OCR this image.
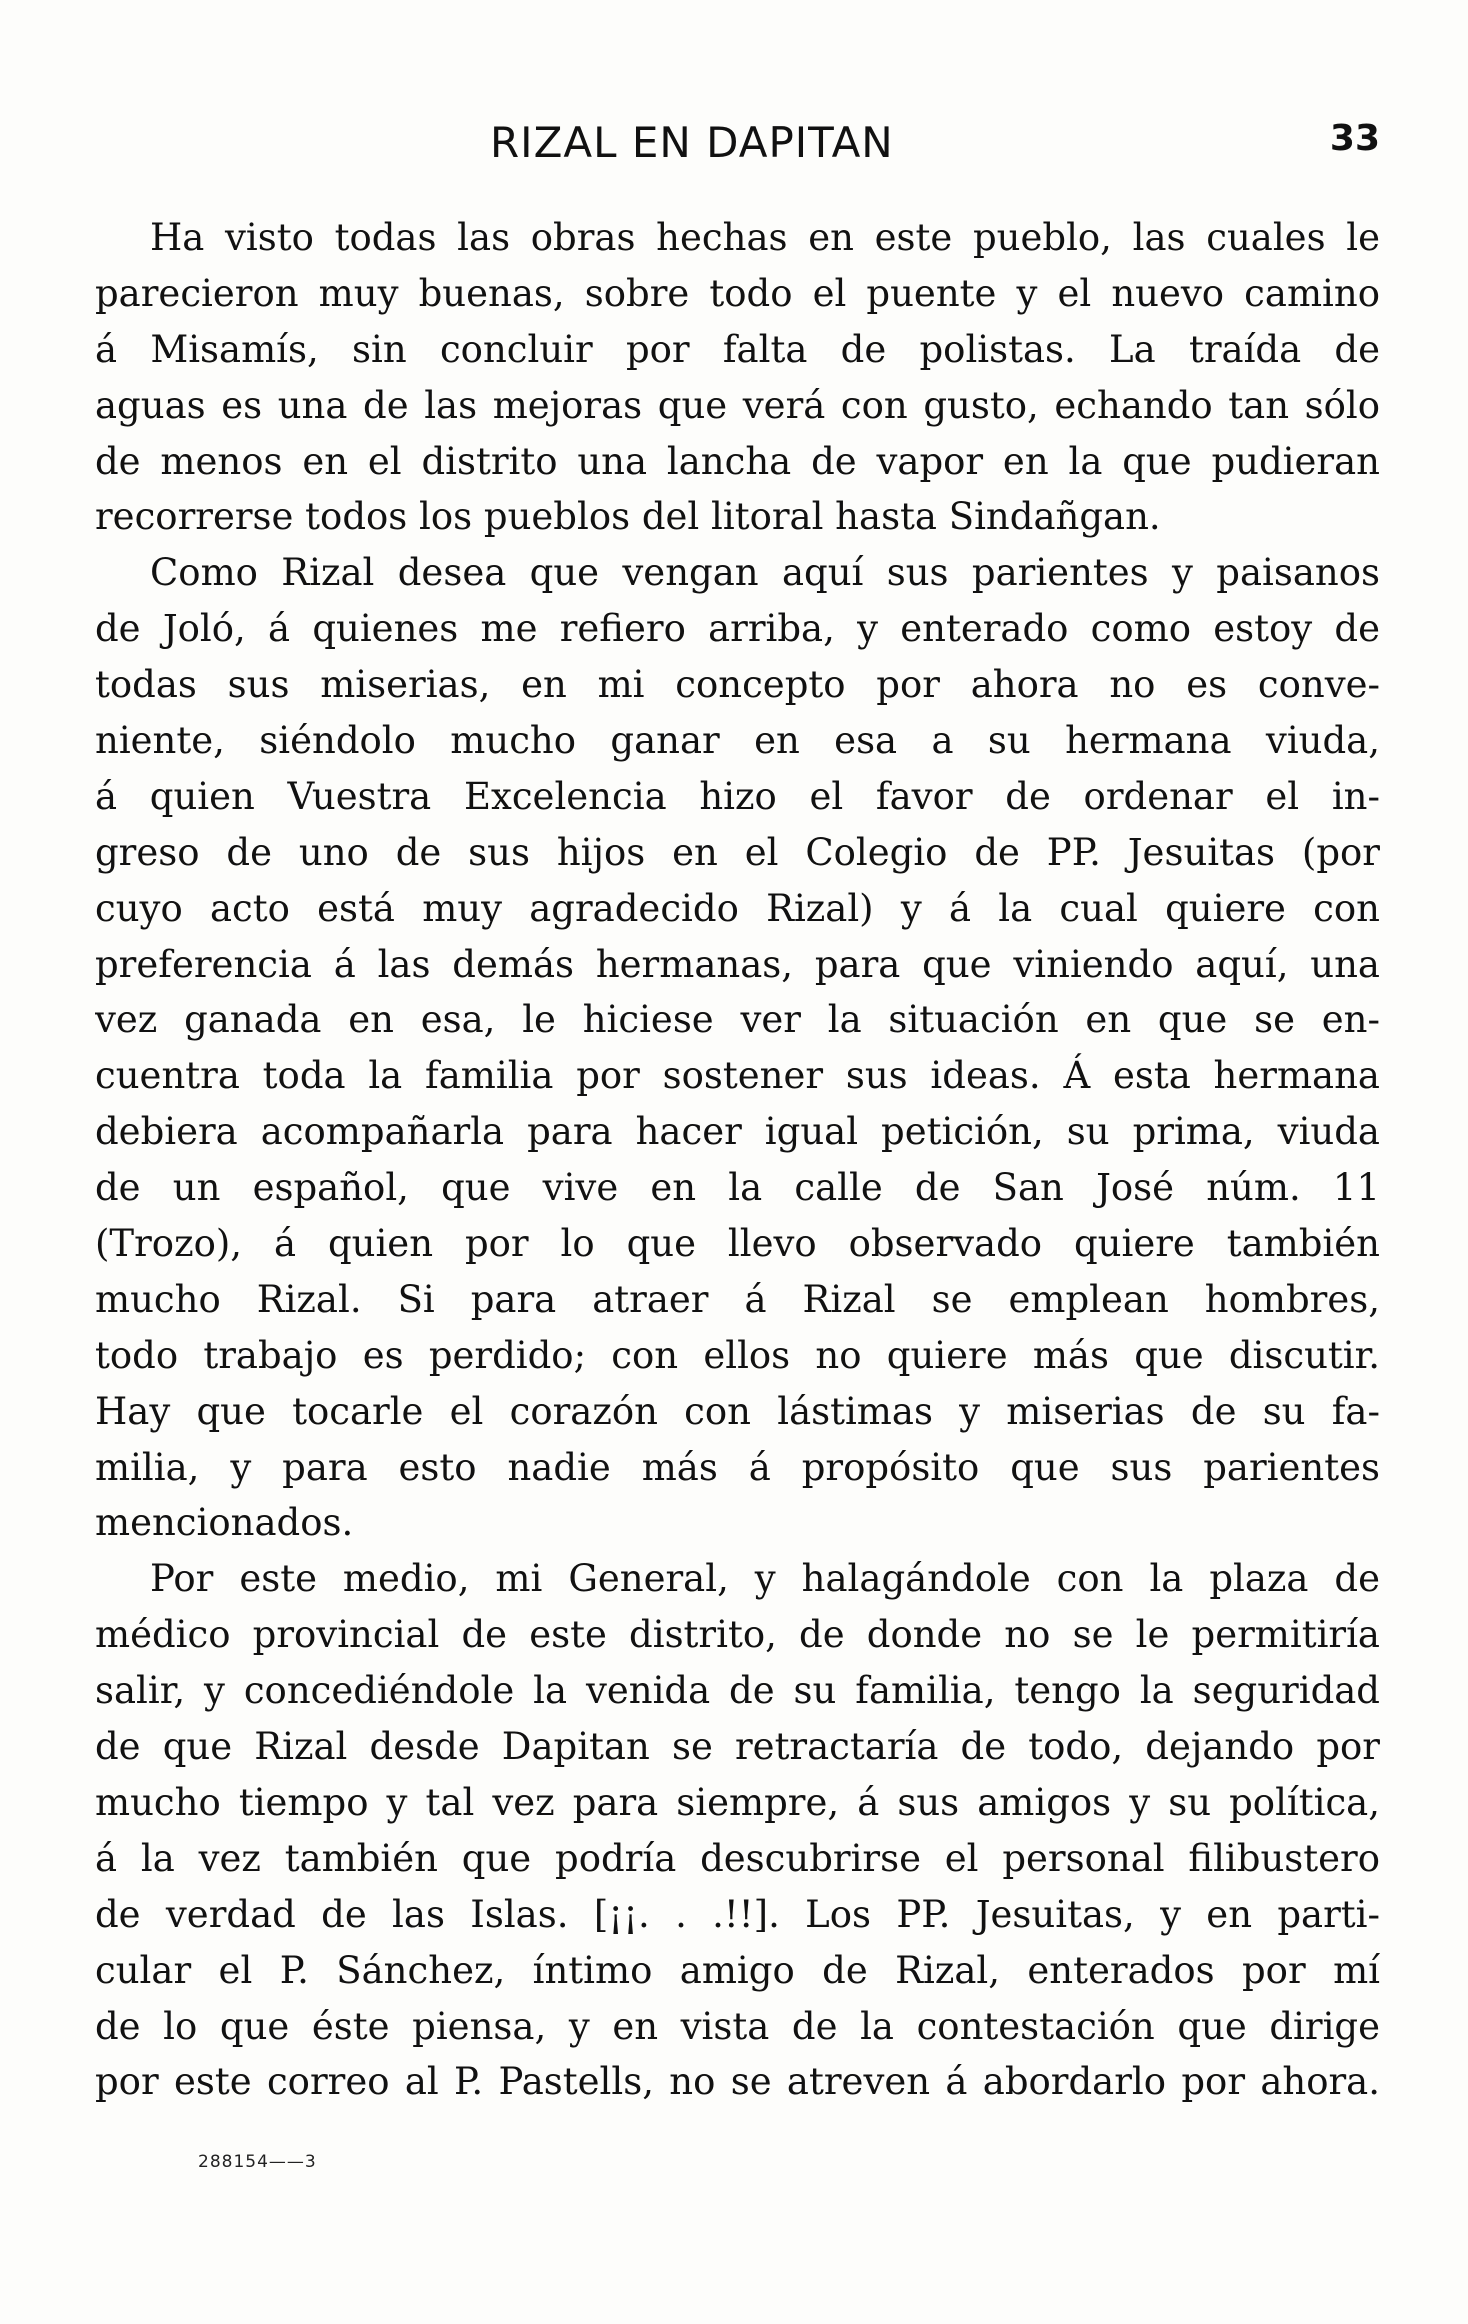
RIZAL EN DAPITAN	33
Ha visto todas las obras hechas en este pueblo, las cuales le
parecieron muy buenas, sobre todo el puente y el nuevo camino
á Misamís, sin concluir por falta de polistas. La traída de
aguas es una de las mejoras que verá con gusto, echando tan sólo
de menos en el distrito una lancha de vapor en la que pudieran
recorrerse todos los pueblos del litoral hasta Sindañgan.
Como Rizal desea que vengan aquí sus parientes y paisanos
de Joló, á quienes me refiero arriba, y enterado como estoy de
todas sus miserias, en mi concepto por ahora no es conve-
niente, siéndolo mucho ganar en esa a su hermana viuda,
á quien Vuestra Excelencia hizo el favor de ordenar el in-
greso de uno de sus hijos en el Colegio de PP. Jesuitas (por
cuyo acto está muy agradecido Rizal) y á la cual quiere con
preferencia á las demás hermanas, para que viniendo aquí, una
vez ganada en esa, le hiciese ver la situación en que se en-
cuentra toda la familia por sostener sus ideas. Á esta hermana
debiera acompañarla para hacer igual petición, su prima, viuda
de un español, que vive en la calle de San José núm. 11
(Trozo), á quien por lo que llevo observado quiere también
mucho Rizal. Si para atraer á Rizal se emplean hombres,
todo trabajo es perdido; con ellos no quiere más que discutir.
Hay que tocarle el corazón con lástimas y miserias de su fa-
milia, y para esto nadie más á propósito que sus parientes
mencionados.
Por este medio, mi General, y halagándole con la plaza de
médico provincial de este distrito, de donde no se le permitiría
salir, y concediéndole la venida de su familia, tengo la seguridad
de que Rizal desde Dapitan se retractaría de todo, dejando por
mucho tiempo y tal vez para siempre, á sus amigos y su política,
á la vez también que podría descubrirse el personal filibustero
de verdad de las Islas. [¡¡. . .!!]. Los PP. Jesuitas, y en parti-
cular el P. Sánchez, íntimo amigo de Rizal, enterados por mí
de lo que éste piensa, y en vista de la contestación que dirige
por este correo al P. Pastells, no se atreven á abordarlo por ahora.
288154——3
